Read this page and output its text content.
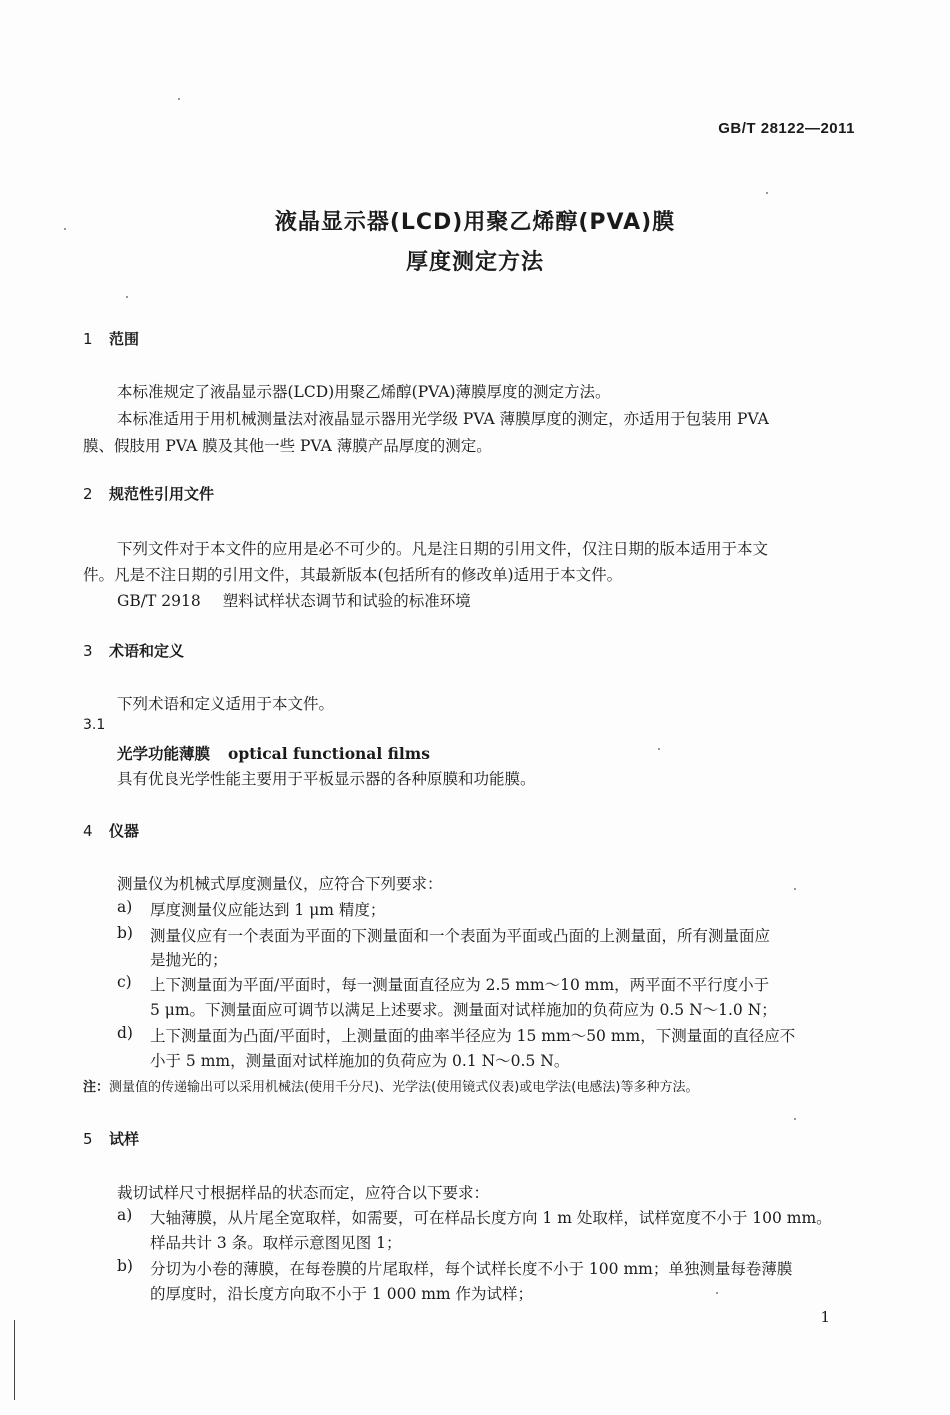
GB/T 28122—2011
液晶显示器(LCD)用聚乙烯醇(PVA)膜
厚度测定方法
1 范围
本标准规定了液晶显示器(LCD)用聚乙烯醇(PVA)薄膜厚度的测定方法。
本标准适用于用机械测量法对液晶显示器用光学级 PVA 薄膜厚度的测定，亦适用于包装用 PVA
膜、假肢用 PVA 膜及其他一些 PVA 薄膜产品厚度的测定。
2 规范性引用文件
下列文件对于本文件的应用是必不可少的。凡是注日期的引用文件，仅注日期的版本适用于本文
件。凡是不注日期的引用文件，其最新版本(包括所有的修改单)适用于本文件。
GB/T 2918 塑料试样状态调节和试验的标准环境
3 术语和定义
下列术语和定义适用于本文件。
3.1
光学功能薄膜 optical functional films
具有优良光学性能主要用于平板显示器的各种原膜和功能膜。
4 仪器
测量仪为机械式厚度测量仪，应符合下列要求：
a) 厚度测量仪应能达到 1 μm 精度；
b) 测量仪应有一个表面为平面的下测量面和一个表面为平面或凸面的上测量面，所有测量面应
是抛光的；
c) 上下测量面为平面/平面时，每一测量面直径应为 2.5 mm～10 mm，两平面不平行度小于
5 μm。下测量面应可调节以满足上述要求。测量面对试样施加的负荷应为 0.5 N～1.0 N；
d) 上下测量面为凸面/平面时，上测量面的曲率半径应为 15 mm～50 mm，下测量面的直径应不
小于 5 mm，测量面对试样施加的负荷应为 0.1 N～0.5 N。
注：测量值的传递输出可以采用机械法(使用千分尺)、光学法(使用镜式仪表)或电学法(电感法)等多种方法。
5 试样
裁切试样尺寸根据样品的状态而定，应符合以下要求：
a) 大轴薄膜，从片尾全宽取样，如需要，可在样品长度方向 1 m 处取样，试样宽度不小于 100 mm。
样品共计 3 条。取样示意图见图 1；
b) 分切为小卷的薄膜，在每卷膜的片尾取样，每个试样长度不小于 100 mm；单独测量每卷薄膜
的厚度时，沿长度方向取不小于 1 000 mm 作为试样；
1
